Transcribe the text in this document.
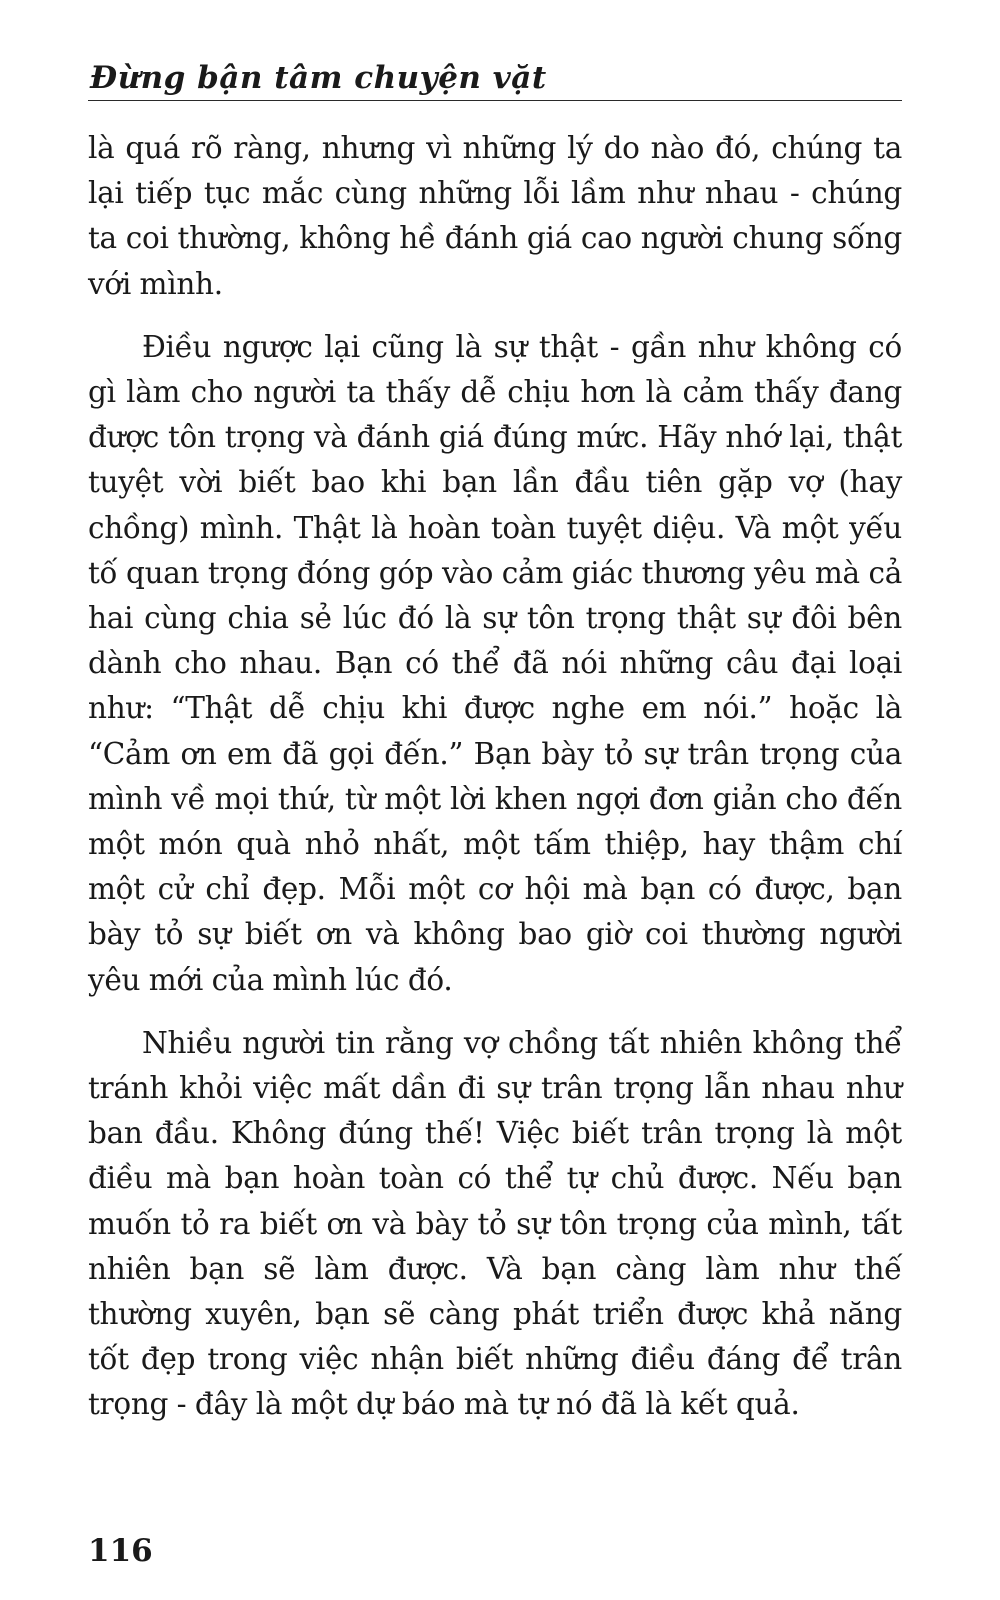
Đừng bận tâm chuyện vặt

là quá rõ ràng, nhưng vì những lý do nào đó, chúng ta lại tiếp tục mắc cùng những lỗi lầm như nhau - chúng ta coi thường, không hề đánh giá cao người chung sống với mình.

Điều ngược lại cũng là sự thật - gần như không có gì làm cho người ta thấy dễ chịu hơn là cảm thấy đang được tôn trọng và đánh giá đúng mức. Hãy nhớ lại, thật tuyệt vời biết bao khi bạn lần đầu tiên gặp vợ (hay chồng) mình. Thật là hoàn toàn tuyệt diệu. Và một yếu tố quan trọng đóng góp vào cảm giác thương yêu mà cả hai cùng chia sẻ lúc đó là sự tôn trọng thật sự đôi bên dành cho nhau. Bạn có thể đã nói những câu đại loại như: “Thật dễ chịu khi được nghe em nói.” hoặc là “Cảm ơn em đã gọi đến.” Bạn bày tỏ sự trân trọng của mình về mọi thứ, từ một lời khen ngợi đơn giản cho đến một món quà nhỏ nhất, một tấm thiệp, hay thậm chí một cử chỉ đẹp. Mỗi một cơ hội mà bạn có được, bạn bày tỏ sự biết ơn và không bao giờ coi thường người yêu mới của mình lúc đó.

Nhiều người tin rằng vợ chồng tất nhiên không thể tránh khỏi việc mất dần đi sự trân trọng lẫn nhau như ban đầu. Không đúng thế! Việc biết trân trọng là một điều mà bạn hoàn toàn có thể tự chủ được. Nếu bạn muốn tỏ ra biết ơn và bày tỏ sự tôn trọng của mình, tất nhiên bạn sẽ làm được. Và bạn càng làm như thế thường xuyên, bạn sẽ càng phát triển được khả năng tốt đẹp trong việc nhận biết những điều đáng để trân trọng - đây là một dự báo mà tự nó đã là kết quả.

116
